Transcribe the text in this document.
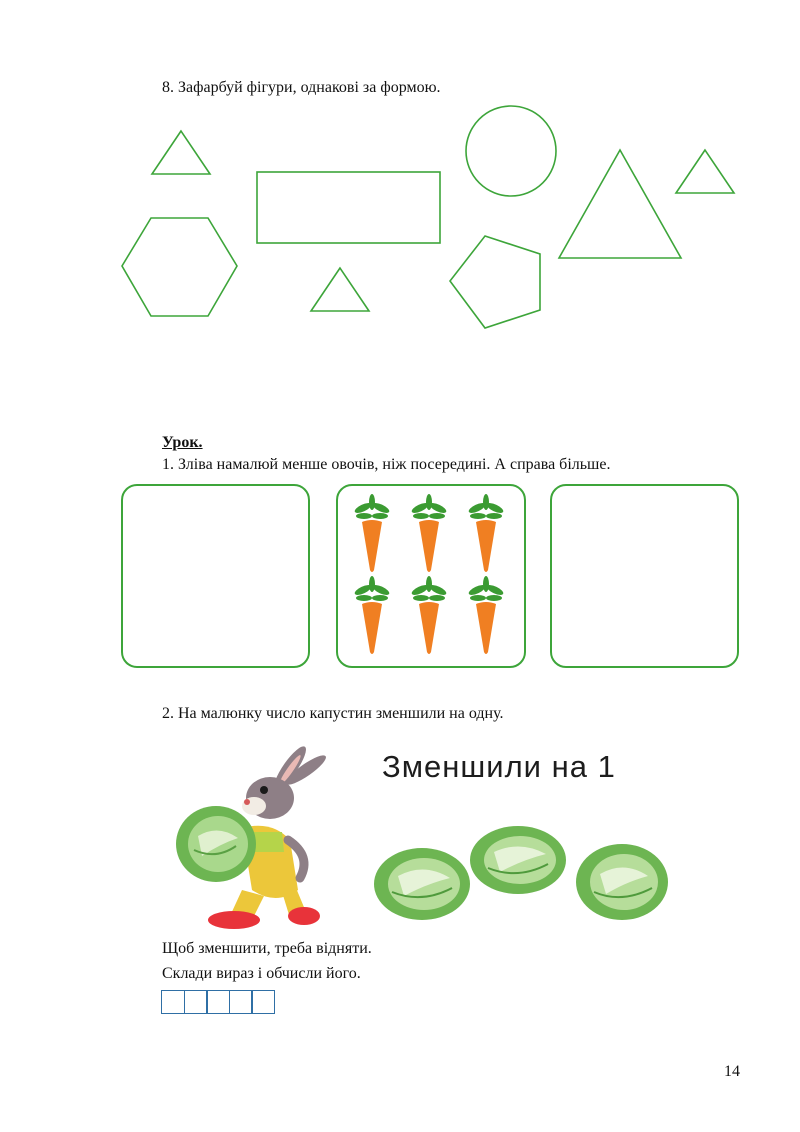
8. Зафарбуй фігури, однакові за формою.
Урок.
1. Зліва намалюй менше овочів, ніж посередині. А справа більше.
2. На малюнку число капустин зменшили на одну.
Зменшили на 1
Щоб зменшити, треба відняти.
Склади вираз і обчисли його.
14
